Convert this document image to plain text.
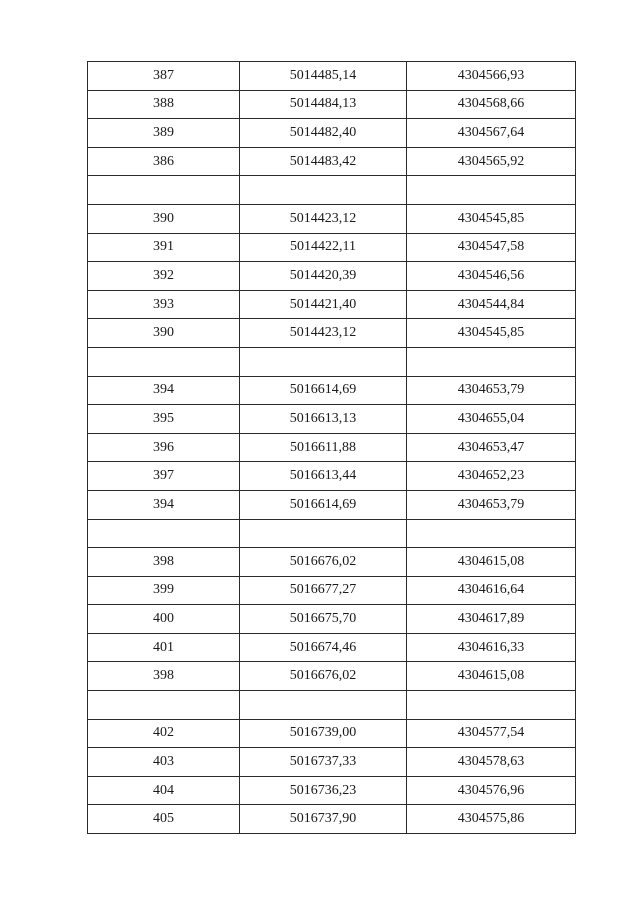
387	5014485,14	4304566,93
388	5014484,13	4304568,66
389	5014482,40	4304567,64
386	5014483,42	4304565,92

390	5014423,12	4304545,85
391	5014422,11	4304547,58
392	5014420,39	4304546,56
393	5014421,40	4304544,84
390	5014423,12	4304545,85

394	5016614,69	4304653,79
395	5016613,13	4304655,04
396	5016611,88	4304653,47
397	5016613,44	4304652,23
394	5016614,69	4304653,79

398	5016676,02	4304615,08
399	5016677,27	4304616,64
400	5016675,70	4304617,89
401	5016674,46	4304616,33
398	5016676,02	4304615,08

402	5016739,00	4304577,54
403	5016737,33	4304578,63
404	5016736,23	4304576,96
405	5016737,90	4304575,86
